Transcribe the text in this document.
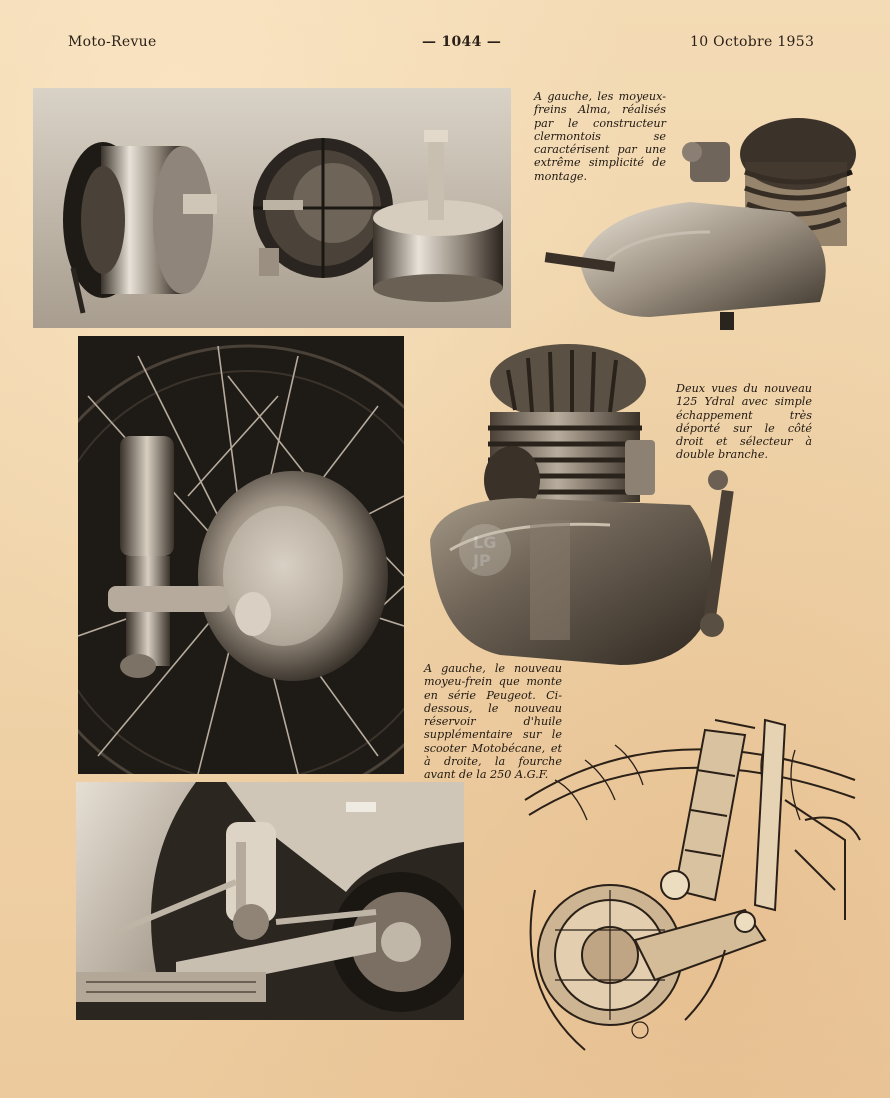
Moto-Revue	— 1044 —	10 Octobre 1953
A gauche, les moyeux-freins Alma, réalisés par le constructeur clermontois se caractérisent par une extrême simplicité de montage.
Deux vues du nouveau 125 Ydral avec simple échappement très déporté sur le côté droit et sélecteur à double branche.
A gauche, le nouveau moyeu-frein que monte en série Peugeot. Ci-dessous, le nouveau réservoir d'huile supplémentaire sur le scooter Motobécane, et à droite, la fourche avant de la 250 A.G.F.
LG
JP
